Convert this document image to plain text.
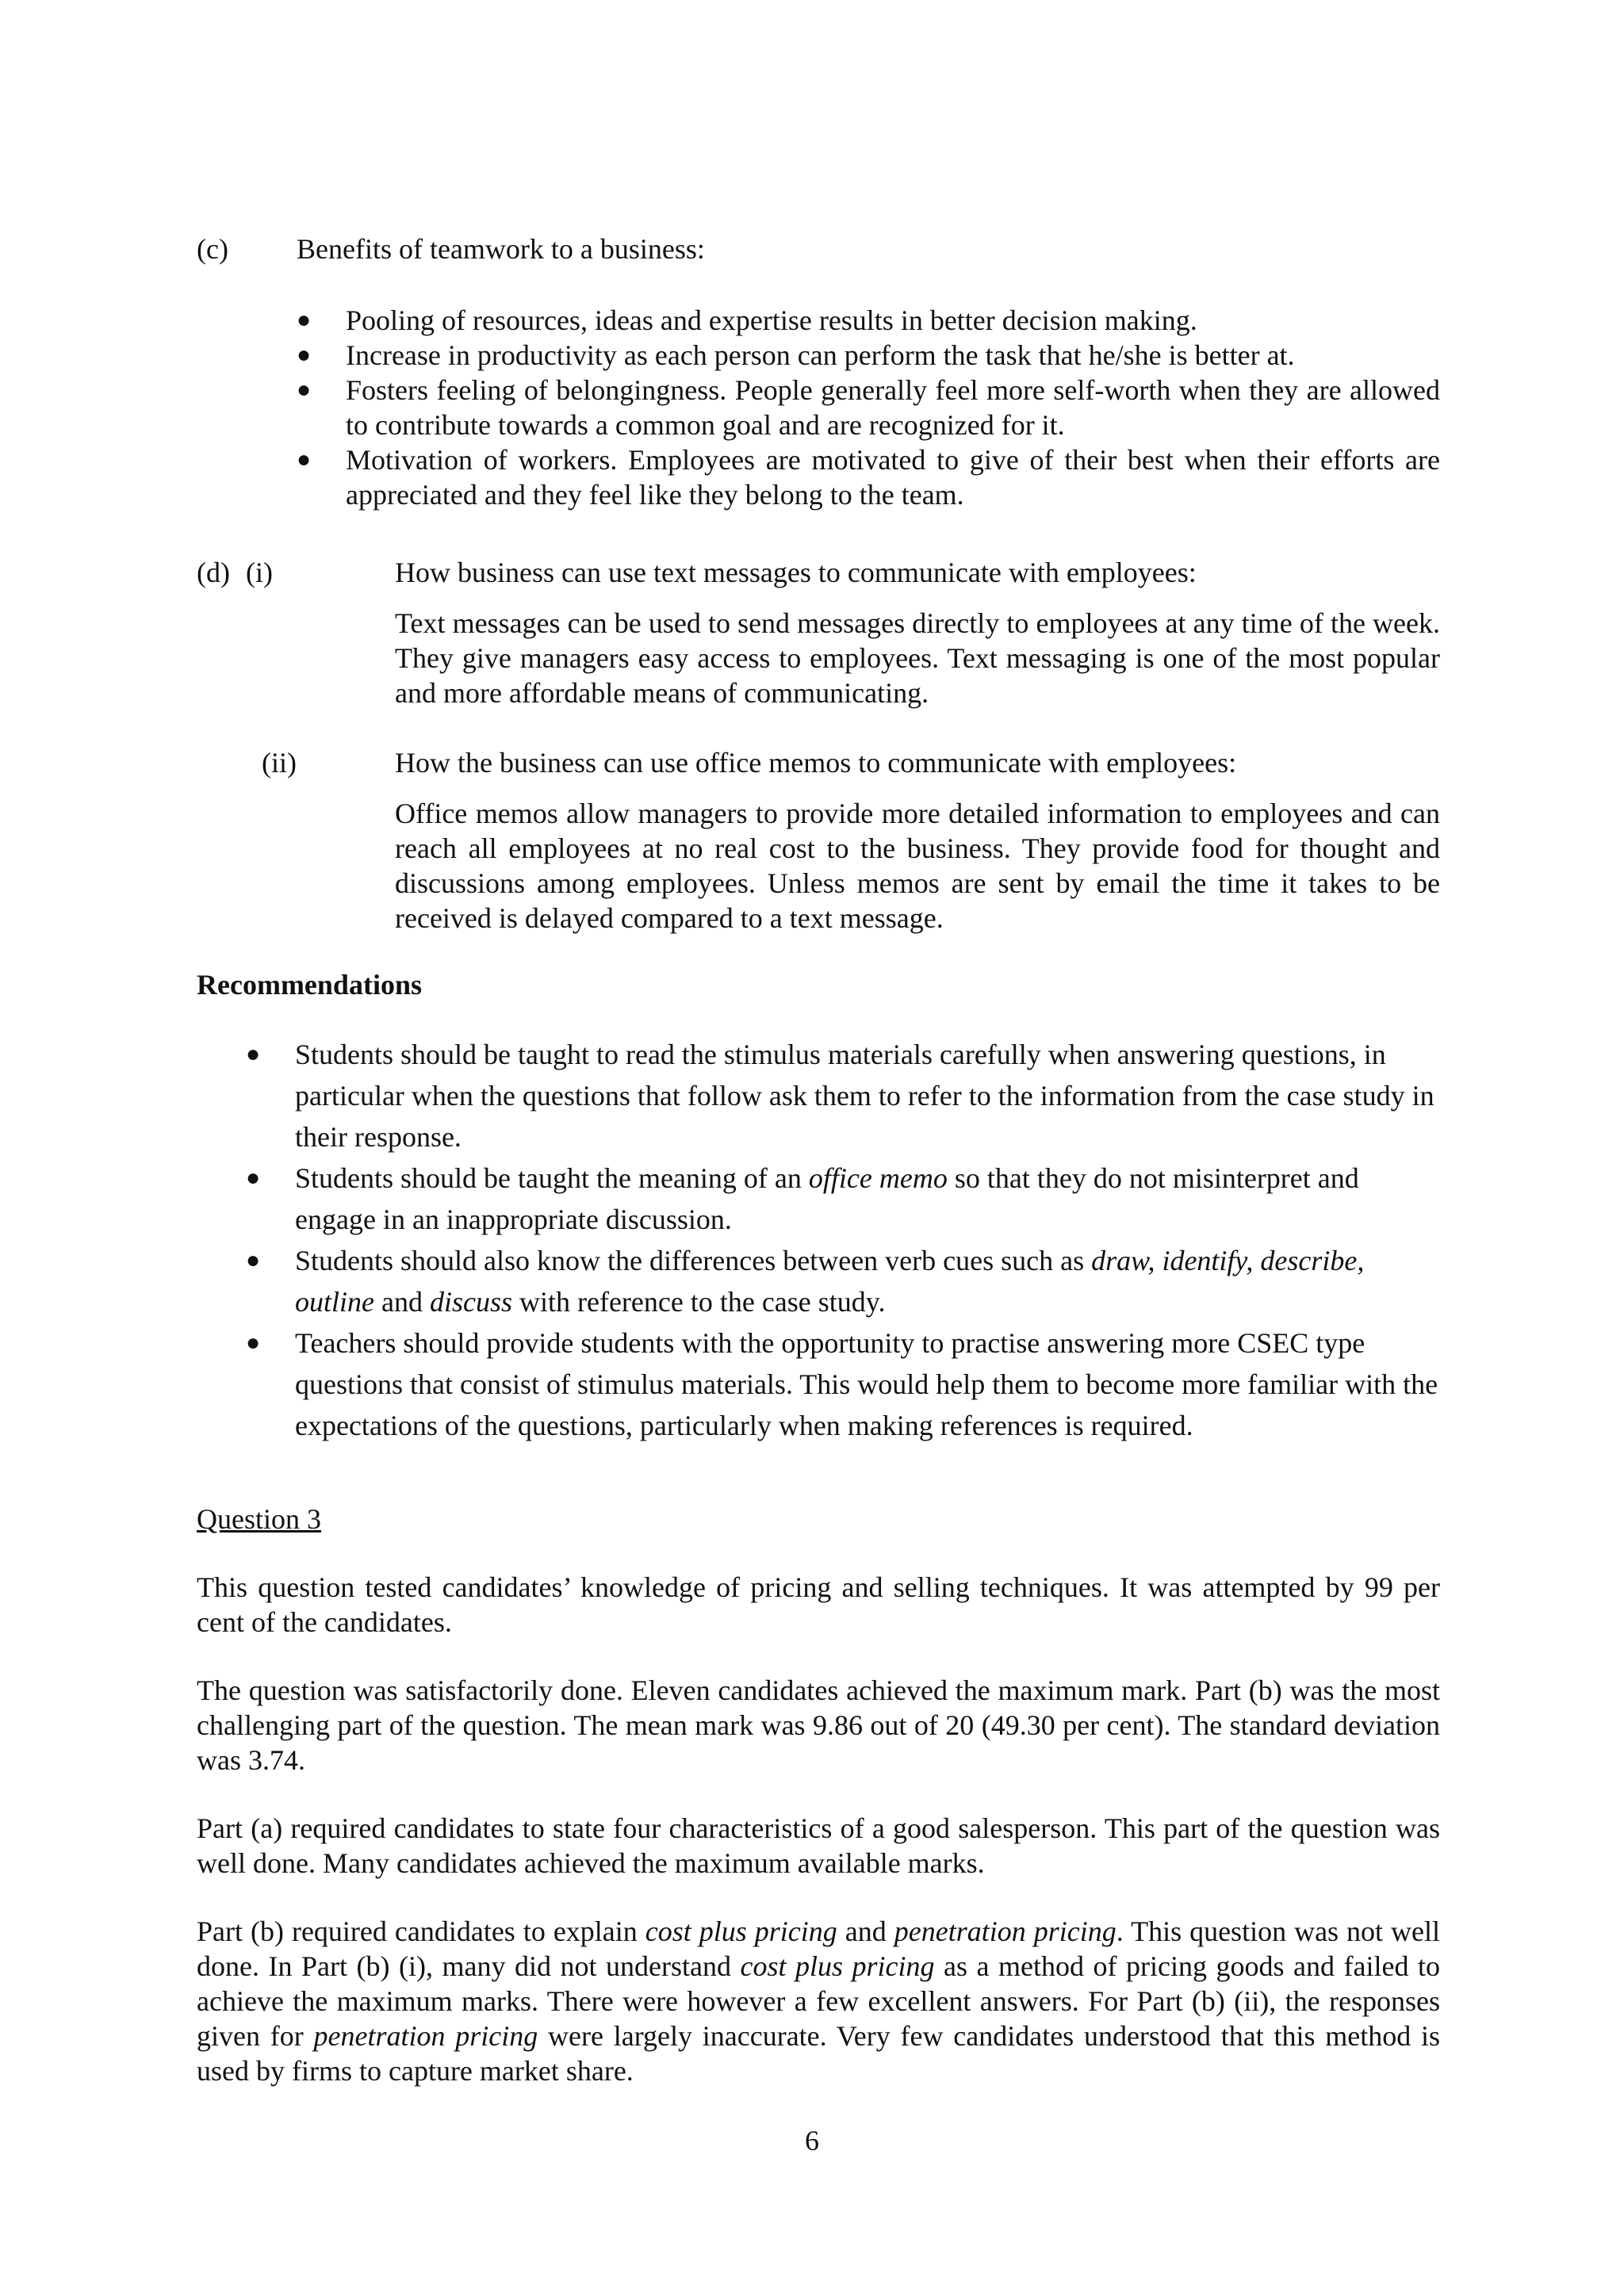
(c) Benefits of teamwork to a business:
●	Pooling of resources, ideas and expertise results in better decision making.
●	Increase in productivity as each person can perform the task that he/she is better at.
●	Fosters feeling of belongingness. People generally feel more self-worth when they are allowed to contribute towards a common goal and are recognized for it.
●	Motivation of workers. Employees are motivated to give of their best when their efforts are appreciated and they feel like they belong to the team.
(d) (i)	How business can use text messages to communicate with employees:
Text messages can be used to send messages directly to employees at any time of the week. They give managers easy access to employees. Text messaging is one of the most popular and more affordable means of communicating.
(ii)	How the business can use office memos to communicate with employees:
Office memos allow managers to provide more detailed information to employees and can reach all employees at no real cost to the business. They provide food for thought and discussions among employees. Unless memos are sent by email the time it takes to be received is delayed compared to a text message.
Recommendations
●	Students should be taught to read the stimulus materials carefully when answering questions, in particular when the questions that follow ask them to refer to the information from the case study in their response.
●	Students should be taught the meaning of an office memo so that they do not misinterpret and engage in an inappropriate discussion.
●	Students should also know the differences between verb cues such as draw, identify, describe, outline and discuss with reference to the case study.
●	Teachers should provide students with the opportunity to practise answering more CSEC type questions that consist of stimulus materials. This would help them to become more familiar with the expectations of the questions, particularly when making references is required.
Question 3
This question tested candidates’ knowledge of pricing and selling techniques. It was attempted by 99 per cent of the candidates.
The question was satisfactorily done. Eleven candidates achieved the maximum mark. Part (b) was the most challenging part of the question. The mean mark was 9.86 out of 20 (49.30 per cent). The standard deviation was 3.74.
Part (a) required candidates to state four characteristics of a good salesperson. This part of the question was well done. Many candidates achieved the maximum available marks.
Part (b) required candidates to explain cost plus pricing and penetration pricing. This question was not well done. In Part (b) (i), many did not understand cost plus pricing as a method of pricing goods and failed to achieve the maximum marks. There were however a few excellent answers. For Part (b) (ii), the responses given for penetration pricing were largely inaccurate. Very few candidates understood that this method is used by firms to capture market share.
6
